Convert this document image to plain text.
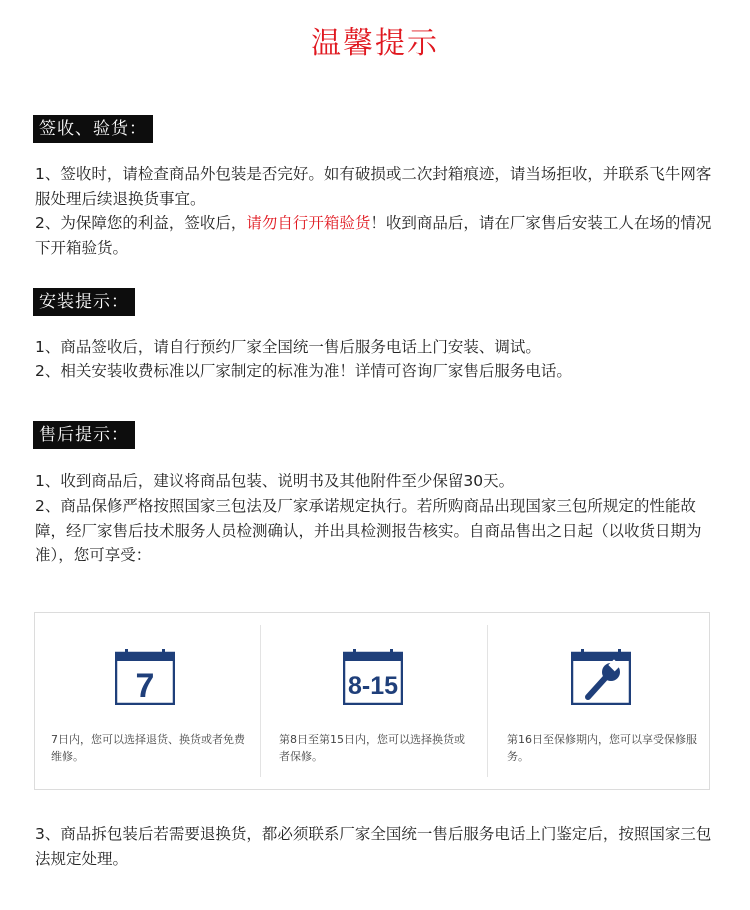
温馨提示
签收、验货：
1、签收时，请检查商品外包装是否完好。如有破损或二次封箱痕迹，请当场拒收，并联系飞牛网客服处理后续退换货事宜。
2、为保障您的利益，签收后，请勿自行开箱验货！收到商品后，请在厂家售后安装工人在场的情况下开箱验货。
安装提示：
1、商品签收后，请自行预约厂家全国统一售后服务电话上门安装、调试。
2、相关安装收费标准以厂家制定的标准为准！详情可咨询厂家售后服务电话。
售后提示：
1、收到商品后，建议将商品包装、说明书及其他附件至少保留30天。
2、商品保修严格按照国家三包法及厂家承诺规定执行。若所购商品出现国家三包所规定的性能故障，经厂家售后技术服务人员检测确认，并出具检测报告核实。自商品售出之日起（以收货日期为准），您可享受：
7
7日内，您可以选择退货、换货或者免费维修。
8-15
第8日至第15日内，您可以选择换货或者保修。
第16日至保修期内，您可以享受保修服务。
3、商品拆包装后若需要退换货，都必须联系厂家全国统一售后服务电话上门鉴定后，按照国家三包法规定处理。
